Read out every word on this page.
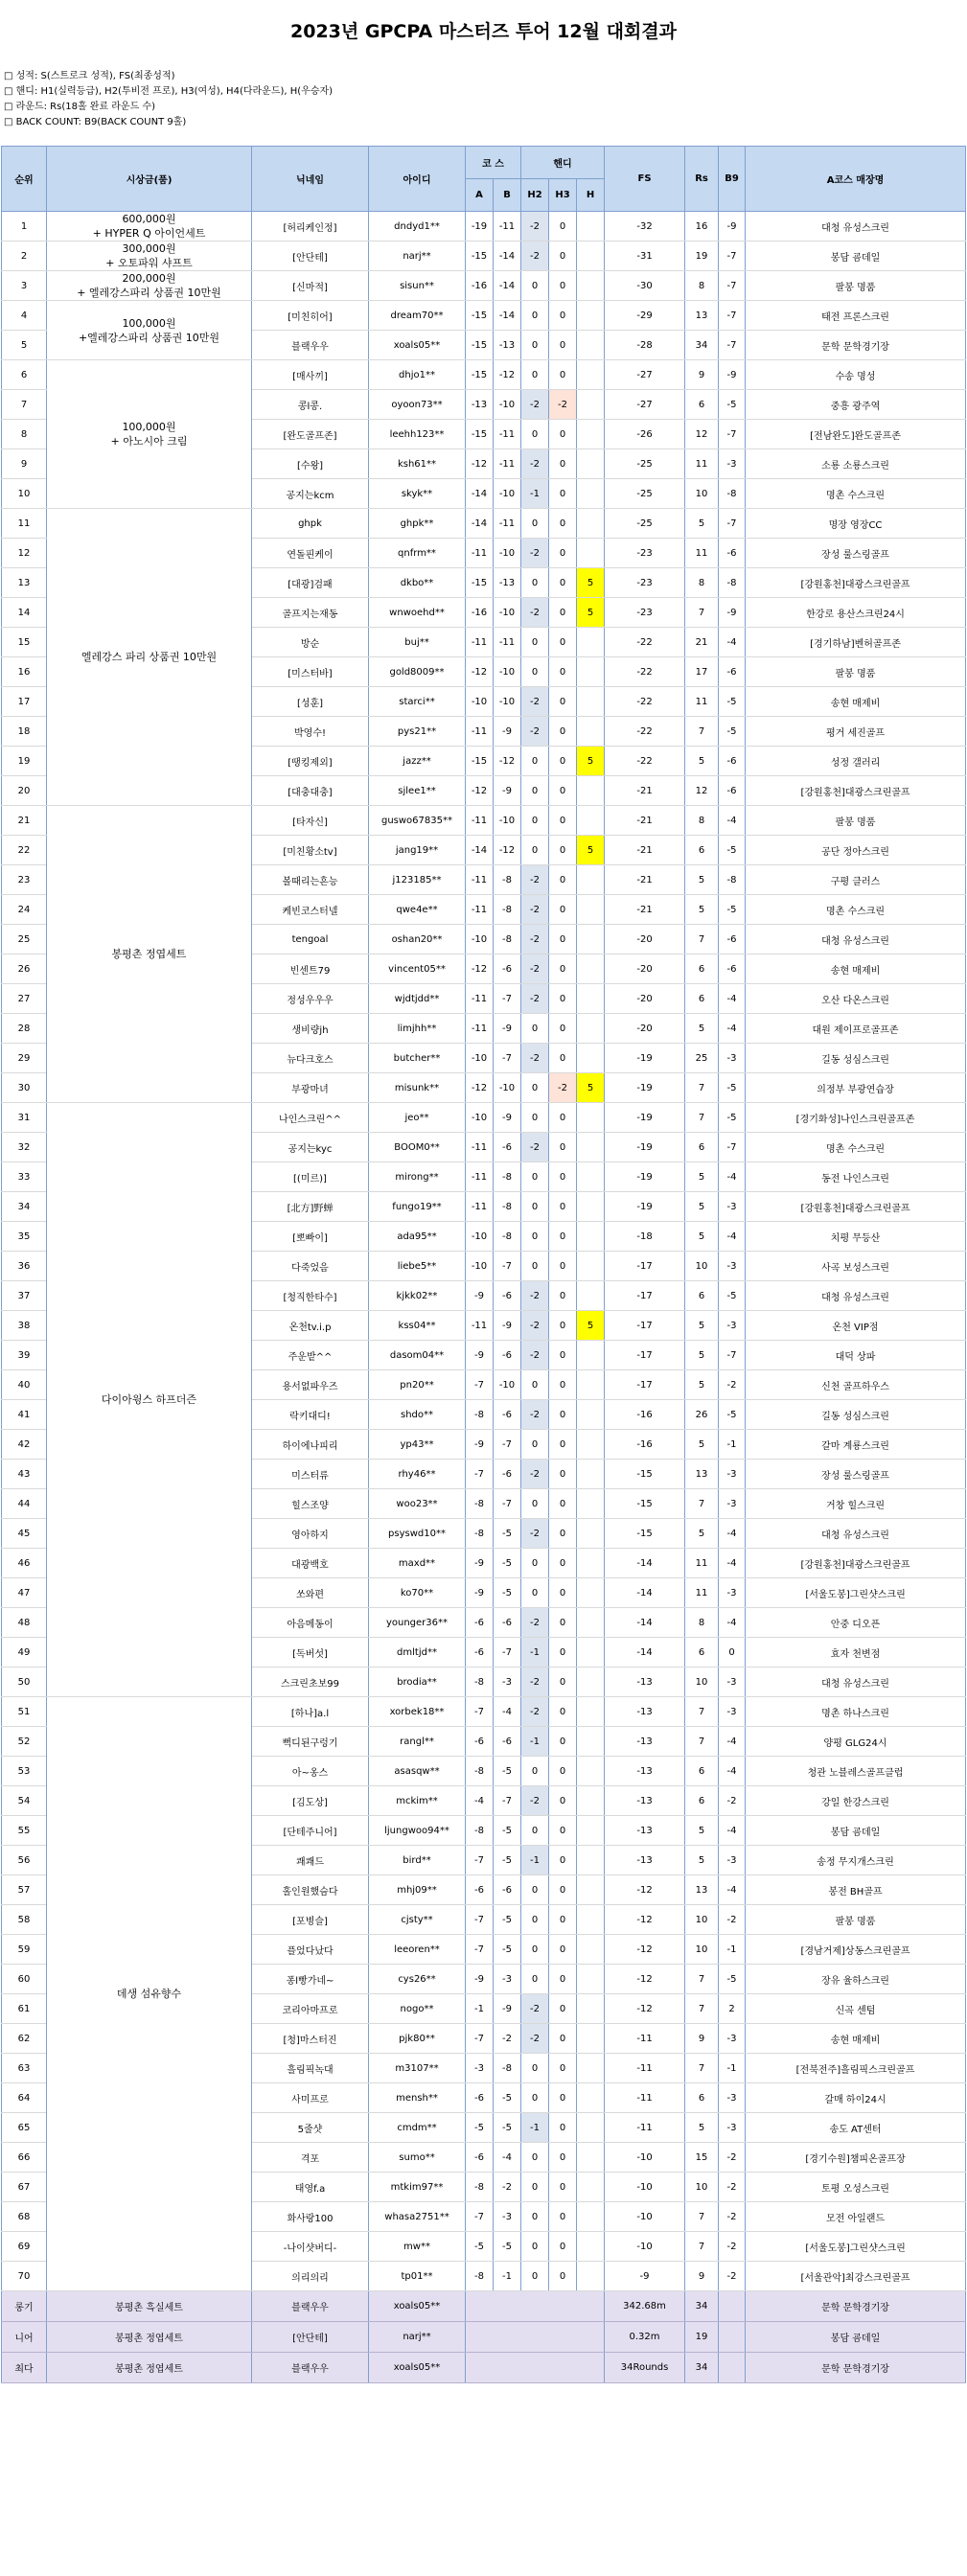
2023년 GPCPA 마스터즈 투어 12월 대회결과
□ 성적: S(스트로크 성적), FS(최종성적)
□ 핸디: H1(실력등급), H2(투비전 프로), H3(여성), H4(다라운드), H(우승자)
□ 라운드: Rs(18홀 완료 라운드 수)
□ BACK COUNT: B9(BACK COUNT 9홀)
순위	시상금(품)	닉네임	아이디	코 스		핸디			FS	Rs	B9	A코스 매장명
				A	B	H2	H3	H				
1	600,000원
+ HYPER Q 아이언세트	[허리케인정]	dndyd1**	-19	-11	-2	0		-32	16	-9	대청 유성스크린
2	300,000원
+ 오토파워 샤프트	[안단테]	narj**	-15	-14	-2	0		-31	19	-7	봉담 굠데일
3	200,000원
+ 엘레강스파리 상품권 10만원	[신마적]	sisun**	-16	-14	0	0		-30	8	-7	팔봉 명품
4	100,000원
+엘레강스파리 상품권 10만원	[미친히어]	dream70**	-15	-14	0	0		-29	13	-7	태전 프론스크린
5		블랙우우	xoals05**	-15	-13	0	0		-28	34	-7	문학 문학경기장
6	100,000원
+ 아노시아 크림	[매사끼]	dhjo1**	-15	-12	0	0		-27	9	-9	수송 명성
7		콩l콩.	oyoon73**	-13	-10	-2	-2		-27	6	-5	중흥 광주역
8		[완도골프존]	leehh123**	-15	-11	0	0		-26	12	-7	[전남완도]완도골프존
9		[수왕]	ksh61**	-12	-11	-2	0		-25	11	-3	소룡 소룡스크린
10		공지는kcm	skyk**	-14	-10	-1	0		-25	10	-8	명촌 수스크린
11	엘레강스 파리 상품권 10만원	ghpk	ghpk**	-14	-11	0	0		-25	5	-7	명장 영장CC
12		연돌핀케이	qnfrm**	-11	-10	-2	0		-23	11	-6	장성 룰스링골프
13		[대광]검패	dkbo**	-15	-13	0	0	5	-23	8	-8	[강원홍천]대광스크린골프
14		골프지는재동	wnwoehd**	-16	-10	-2	0	5	-23	7	-9	한강로 용산스크린24시
15		방순	buj**	-11	-11	0	0		-22	21	-4	[경기하남]벤허골프존
16		[미스터바]	gold8009**	-12	-10	0	0		-22	17	-6	팔봉 명품
17		[성훈]	starci**	-10	-10	-2	0		-22	11	-5	송현 매제비
18		박영수!	pys21**	-11	-9	-2	0		-22	7	-5	평거 세진골프
19		[땡킹제외]	jazz**	-15	-12	0	0	5	-22	5	-6	성정 갤러리
20		[대충대충]	sjlee1**	-12	-9	0	0		-21	12	-6	[강원홍천]대광스크린골프
21	봉평촌 정엽세트	[타자신]	guswo67835**	-11	-10	0	0		-21	8	-4	팔봉 명품
22		[미친황소tv]	jang19**	-14	-12	0	0	5	-21	6	-5	공단 정아스크린
23		볼때리는흔능	j123185**	-11	-8	-2	0		-21	5	-8	구평 클러스
24		케빈코스터넬	qwe4e**	-11	-8	-2	0		-21	5	-5	명촌 수스크린
25		tengoal	oshan20**	-10	-8	-2	0		-20	7	-6	대청 유성스크린
26		빈센트79	vincent05**	-12	-6	-2	0		-20	6	-6	송현 매제비
27		정성우우우	wjdtjdd**	-11	-7	-2	0		-20	6	-4	오산 다온스크린
28		생비량jh	limjhh**	-11	-9	0	0		-20	5	-4	대원 제이프로골프존
29		뉴다크호스	butcher**	-10	-7	-2	0		-19	25	-3	길동 성심스크린
30		부광마녀	misunk**	-12	-10	0	-2	5	-19	7	-5	의정부 부광연습장
31	다이아윙스 하프더즌	나인스크린^^	jeo**	-10	-9	0	0		-19	7	-5	[경기화성]나인스크린골프존
32		공지는kyc	BOOM0**	-11	-6	-2	0		-19	6	-7	명촌 수스크린
33		[(미르)]	mirong**	-11	-8	0	0		-19	5	-4	동전 나인스크린
34		[北方]野蝉	fungo19**	-11	-8	0	0		-19	5	-3	[강원홍천]대광스크린골프
35		[뽀빠이]	ada95**	-10	-8	0	0		-18	5	-4	치평 무등산
36		다죽었음	liebe5**	-10	-7	0	0		-17	10	-3	사곡 보성스크린
37		[청직한타수]	kjkk02**	-9	-6	-2	0		-17	6	-5	대청 유성스크린
38		온천tv.i.p	kss04**	-11	-9	-2	0	5	-17	5	-3	온천 VIP점
39		주운밭^^	dasom04**	-9	-6	-2	0		-17	5	-7	대덕 상파
40		용서없파우즈	pn20**	-7	-10	0	0		-17	5	-2	신천 골프하우스
41		락키대디!	shdo**	-8	-6	-2	0		-16	26	-5	길동 성심스크린
42		하이에나피리	yp43**	-9	-7	0	0		-16	5	-1	갈마 계룡스크린
43		미스터류	rhy46**	-7	-6	-2	0		-15	13	-3	장성 룰스링골프
44		힐스조양	woo23**	-8	-7	0	0		-15	7	-3	거창 힐스크린
45		영아하지	psyswd10**	-8	-5	-2	0		-15	5	-4	대청 유성스크린
46		대광백호	maxd**	-9	-5	0	0		-14	11	-4	[강원홍천]대광스크린골프
47		쏘와편	ko70**	-9	-5	0	0		-14	11	-3	[서울도봉]그린샷스크린
48		아음메동이	younger36**	-6	-6	-2	0		-14	8	-4	안중 디오픈
49		[독버섯]	dmltjd**	-6	-7	-1	0		-14	6	0	효자 천변점
50		스크린초보99	brodia**	-8	-3	-2	0		-13	10	-3	대청 유성스크린
51	데생 섬유향수	[하나]a.l	xorbek18**	-7	-4	-2	0		-13	7	-3	명촌 하나스크린
52		뻑디된구렁기	rangl**	-6	-6	-1	0		-13	7	-4	양평 GLG24시
53		아~옹스	asasqw**	-8	-5	0	0		-13	6	-4	청관 노블레스골프클럽
54		[김도상]	mckim**	-4	-7	-2	0		-13	6	-2	강일 한강스크린
55		[단테주니어]	ljungwoo94**	-8	-5	0	0		-13	5	-4	봉담 굠데일
56		쾌쾌드	bird**	-7	-5	-1	0		-13	5	-3	송정 무지개스크린
57		홀인원했슴다	mhj09**	-6	-6	0	0		-12	13	-4	봉전 BH골프
58		[포병슬]	cjsty**	-7	-5	0	0		-12	10	-2	팔봉 명품
59		플었다났다	leeoren**	-7	-5	0	0		-12	10	-1	[경남거제]상동스크린골프
60		퐁l빵가네~	cys26**	-9	-3	0	0		-12	7	-5	장유 율하스크린
61		코리아마프로	nogo**	-1	-9	-2	0		-12	7	2	신곡 센텀
62		[청]마스터진	pjk80**	-7	-2	-2	0		-11	9	-3	송현 매제비
63		흘림픽녹대	m3107**	-3	-8	0	0		-11	7	-1	[전북전주]흘림픽스크린골프
64		사미프로	mensh**	-6	-5	0	0		-11	6	-3	갈매 하이24시
65		5줄샷	cmdm**	-5	-5	-1	0		-11	5	-3	송도 AT센터
66		격포	sumo**	-6	-4	0	0		-10	15	-2	[경기수원]챔피온골프장
67		태영f.a	mtkim97**	-8	-2	0	0		-10	10	-2	토평 오성스크린
68		화사랑100	whasa2751**	-7	-3	0	0		-10	7	-2	모전 아일랜드
69		-나이샷버디-	mw**	-5	-5	0	0		-10	7	-2	[서울도봉]그린샷스크린
70		의리의리	tp01**	-8	-1	0	0		-9	9	-2	[서울관악]최강스크린골프
롱기	봉평촌 흑실세트	블랙우우	xoals05**						342.68m	34		문학 문학경기장
니어	봉평촌 정엽세트	[안단테]	narj**						0.32m	19		봉담 굠데일
최다	봉평촌 정엽세트	블랙우우	xoals05**						34Rounds	34		문학 문학경기장
